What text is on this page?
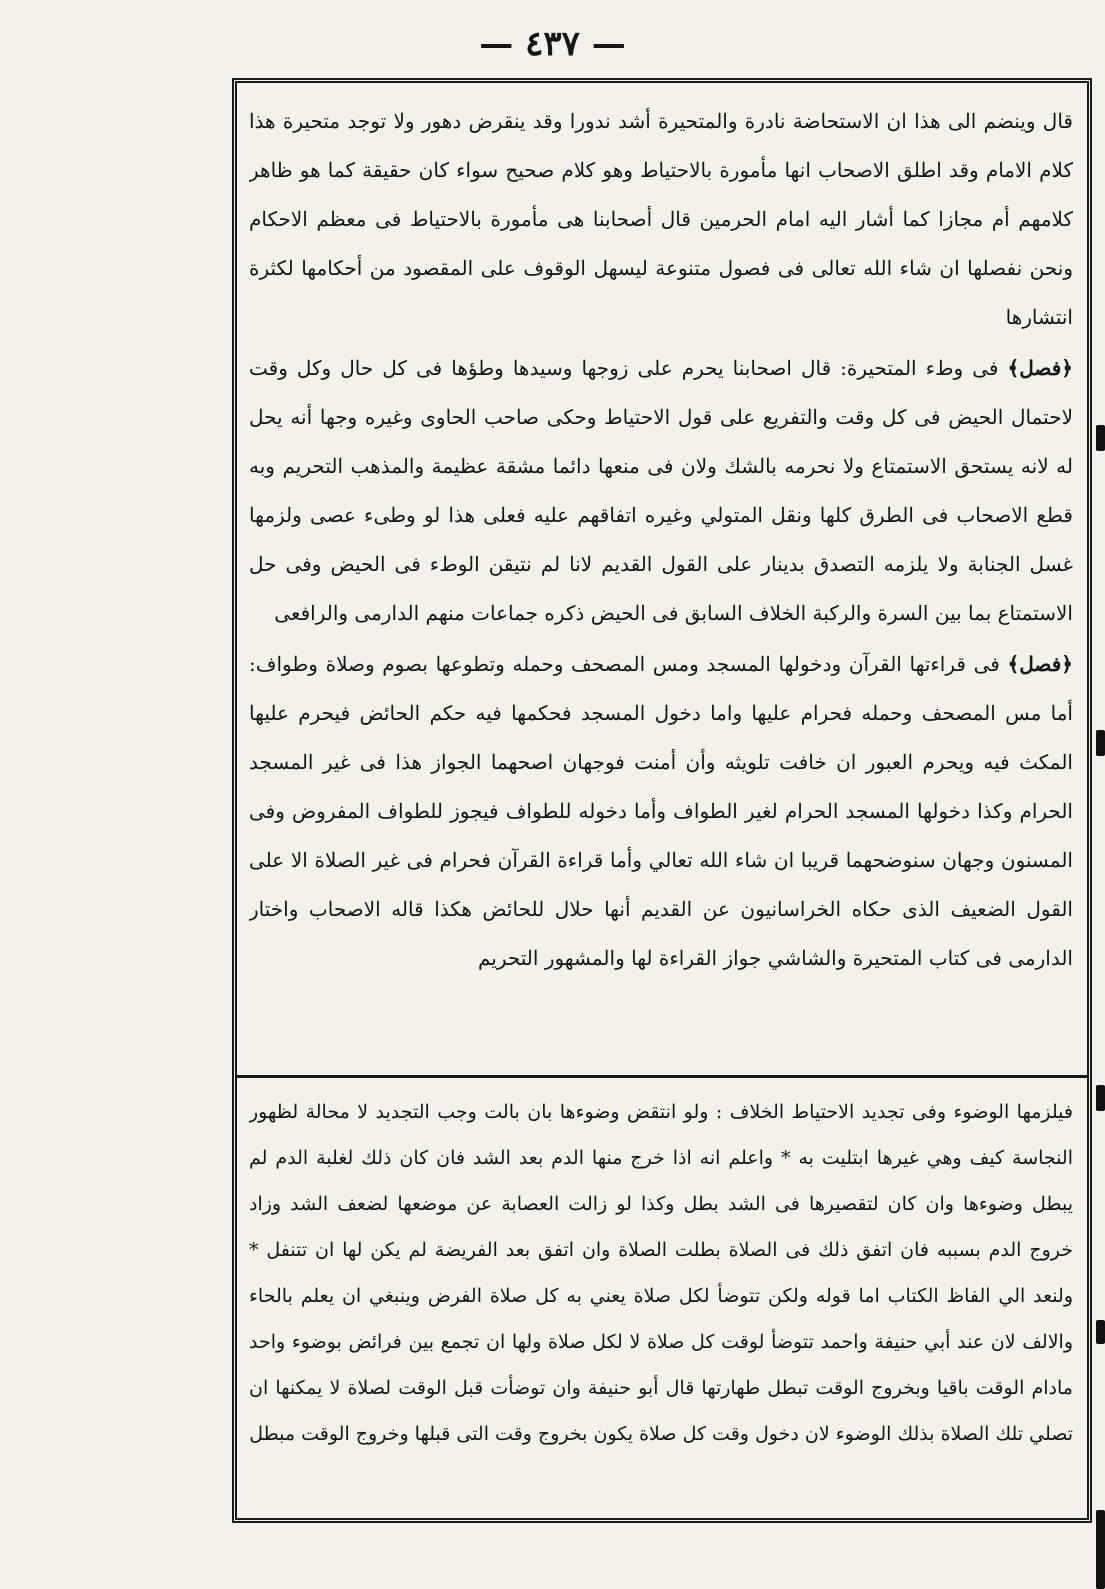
— ٤٣٧ —

قال وينضم الى هذا ان الاستحاضة نادرة والمتحيرة أشد ندورا وقد ينقرض دهور ولا توجد متحيرة هذا كلام الامام وقد اطلق الاصحاب انها مأمورة بالاحتياط وهو كلام صحيح سواء كان حقيقة كما هو ظاهر كلامهم أم مجازا كما أشار اليه امام الحرمين قال أصحابنا هى مأمورة بالاحتياط فى معظم الاحكام ونحن نفصلها ان شاء الله تعالى فى فصول متنوعة ليسهل الوقوف على المقصود من أحكامها لكثرة انتشارها

﴿فصل﴾ فى وطء المتحيرة: قال اصحابنا يحرم على زوجها وسيدها وطؤها فى كل حال وكل وقت لاحتمال الحيض فى كل وقت والتفريع على قول الاحتياط وحكى صاحب الحاوى وغيره وجها أنه يحل له لانه يستحق الاستمتاع ولا نحرمه بالشك ولان فى منعها دائما مشقة عظيمة والمذهب التحريم وبه قطع الاصحاب فى الطرق كلها ونقل المتولي وغيره اتفاقهم عليه فعلى هذا لو وطىء عصى ولزمها غسل الجنابة ولا يلزمه التصدق بدينار على القول القديم لانا لم نتيقن الوطء فى الحيض وفى حل الاستمتاع بما بين السرة والركبة الخلاف السابق فى الحيض ذكره جماعات منهم الدارمى والرافعى

﴿فصل﴾ فى قراءتها القرآن ودخولها المسجد ومس المصحف وحمله وتطوعها بصوم وصلاة وطواف: أما مس المصحف وحمله فحرام عليها واما دخول المسجد فحكمها فيه حكم الحائض فيحرم عليها المكث فيه ويحرم العبور ان خافت تلويثه وأن أمنت فوجهان اصحهما الجواز هذا فى غير المسجد الحرام وكذا دخولها المسجد الحرام لغير الطواف وأما دخوله للطواف فيجوز للطواف المفروض وفى المسنون وجهان سنوضحهما قريبا ان شاء الله تعالي وأما قراءة القرآن فحرام فى غير الصلاة الا على القول الضعيف الذى حكاه الخراسانيون عن القديم أنها حلال للحائض هكذا قاله الاصحاب واختار الدارمى فى كتاب المتحيرة والشاشي جواز القراءة لها والمشهور التحريم

فيلزمها الوضوء وفى تجديد الاحتياط الخلاف : ولو انتقض وضوءها بان بالت وجب التجديد لا محالة لظهور النجاسة كيف وهي غيرها ابتليت به * واعلم انه اذا خرج منها الدم بعد الشد فان كان ذلك لغلبة الدم لم يبطل وضوءها وان كان لتقصيرها فى الشد بطل وكذا لو زالت العصابة عن موضعها لضعف الشد وزاد خروج الدم بسببه فان اتفق ذلك فى الصلاة بطلت الصلاة وان اتفق بعد الفريضة لم يكن لها ان تتنفل * ولنعد الي الفاظ الكتاب اما قوله ولكن تتوضأ لكل صلاة يعني به كل صلاة الفرض وينبغي ان يعلم بالحاء والالف لان عند أبي حنيفة واحمد تتوضأ لوقت كل صلاة لا لكل صلاة ولها ان تجمع بين فرائض بوضوء واحد مادام الوقت باقيا وبخروج الوقت تبطل طهارتها قال أبو حنيفة وان توضأت قبل الوقت لصلاة لا يمكنها ان تصلي تلك الصلاة بذلك الوضوء لان دخول وقت كل صلاة يكون بخروج وقت التى قبلها وخروج الوقت مبطل
